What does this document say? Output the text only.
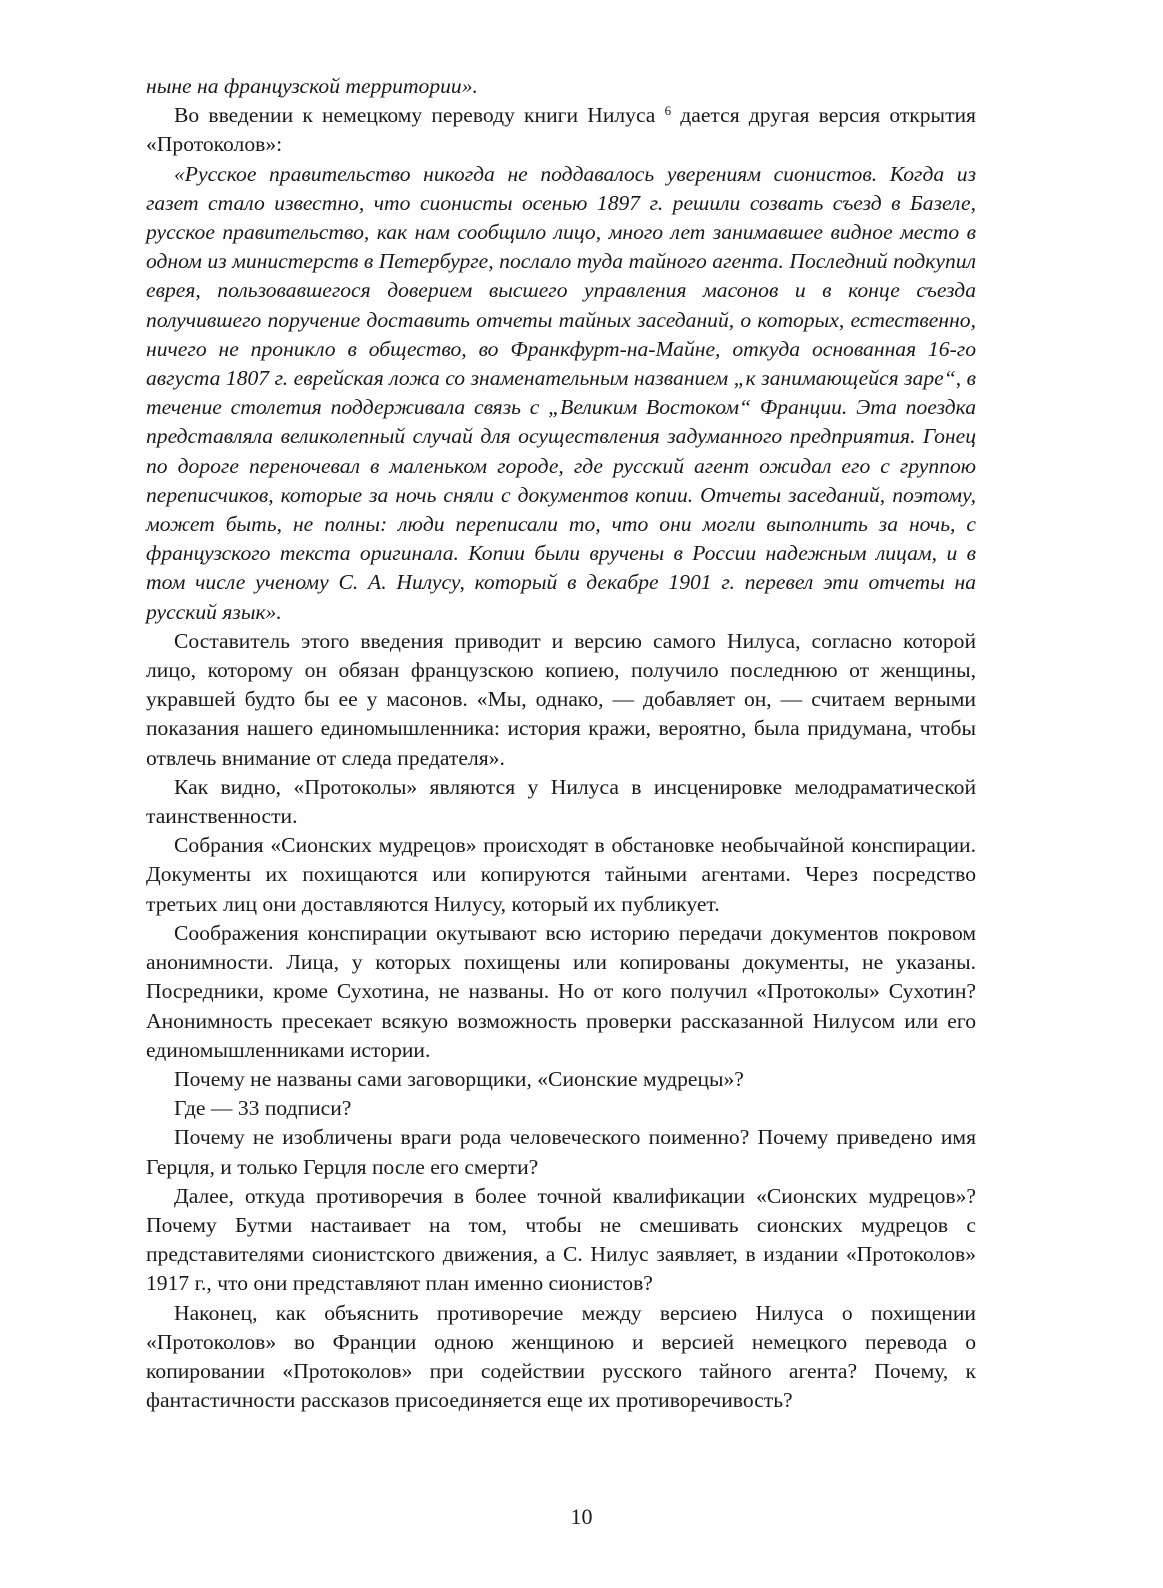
ныне на французской территории».

Во введении к немецкому переводу книги Нилуса $^6$ дается другая версия открытия «Протоколов»:

«Русское правительство никогда не поддавалось уверениям сионистов. Когда из газет стало известно, что сионисты осенью 1897 г. решили созвать съезд в Базеле, русское правительство, как нам сообщило лицо, много лет занимавшее видное место в одном из министерств в Петербурге, послало туда тайного агента. Последний подкупил еврея, пользовавшегося доверием высшего управления масонов и в конце съезда получившего поручение доставить отчеты тайных заседаний, о которых, естественно, ничего не проникло в общество, во Франкфурт-на-Майне, откуда основанная 16-го августа 1807 г. еврейская ложа со знаменательным названием „к занимающейся заре“, в течение столетия поддерживала связь с „Великим Востоком“ Франции. Эта поездка представляла великолепный случай для осуществления задуманного предприятия. Гонец по дороге переночевал в маленьком городе, где русский агент ожидал его с группою переписчиков, которые за ночь сняли с документов копии. Отчеты заседаний, поэтому, может быть, не полны: люди переписали то, что они могли выполнить за ночь, с французского текста оригинала. Копии были вручены в России надежным лицам, и в том числе ученому С. А. Нилусу, который в декабре 1901 г. перевел эти отчеты на русский язык».

Составитель этого введения приводит и версию самого Нилуса, согласно которой лицо, которому он обязан французскою копиею, получило последнюю от женщины, укравшей будто бы ее у масонов. «Мы, однако, — добавляет он, — считаем верными показания нашего единомышленника: история кражи, вероятно, была придумана, чтобы отвлечь внимание от следа предателя».

Как видно, «Протоколы» являются у Нилуса в инсценировке мелодраматической таинственности.

Собрания «Сионских мудрецов» происходят в обстановке необычайной конспирации. Документы их похищаются или копируются тайными агентами. Через посредство третьих лиц они доставляются Нилусу, который их публикует.

Соображения конспирации окутывают всю историю передачи документов покровом анонимности. Лица, у которых похищены или копированы документы, не указаны. Посредники, кроме Сухотина, не названы. Но от кого получил «Протоколы» Сухотин? Анонимность пресекает всякую возможность проверки рассказанной Нилусом или его единомышленниками истории.

Почему не названы сами заговорщики, «Сионские мудрецы»?

Где — 33 подписи?

Почему не изобличены враги рода человеческого поименно? Почему приведено имя Герцля, и только Герцля после его смерти?

Далее, откуда противоречия в более точной квалификации «Сионских мудрецов»? Почему Бутми настаивает на том, чтобы не смешивать сионских мудрецов с представителями сионистского движения, а С. Нилус заявляет, в издании «Протоколов» 1917 г., что они представляют план именно сионистов?

Наконец, как объяснить противоречие между версиею Нилуса о похищении «Протоколов» во Франции одною женщиною и версией немецкого перевода о копировании «Протоколов» при содействии русского тайного агента? Почему, к фантастичности рассказов присоединяется еще их противоречивость?

10
